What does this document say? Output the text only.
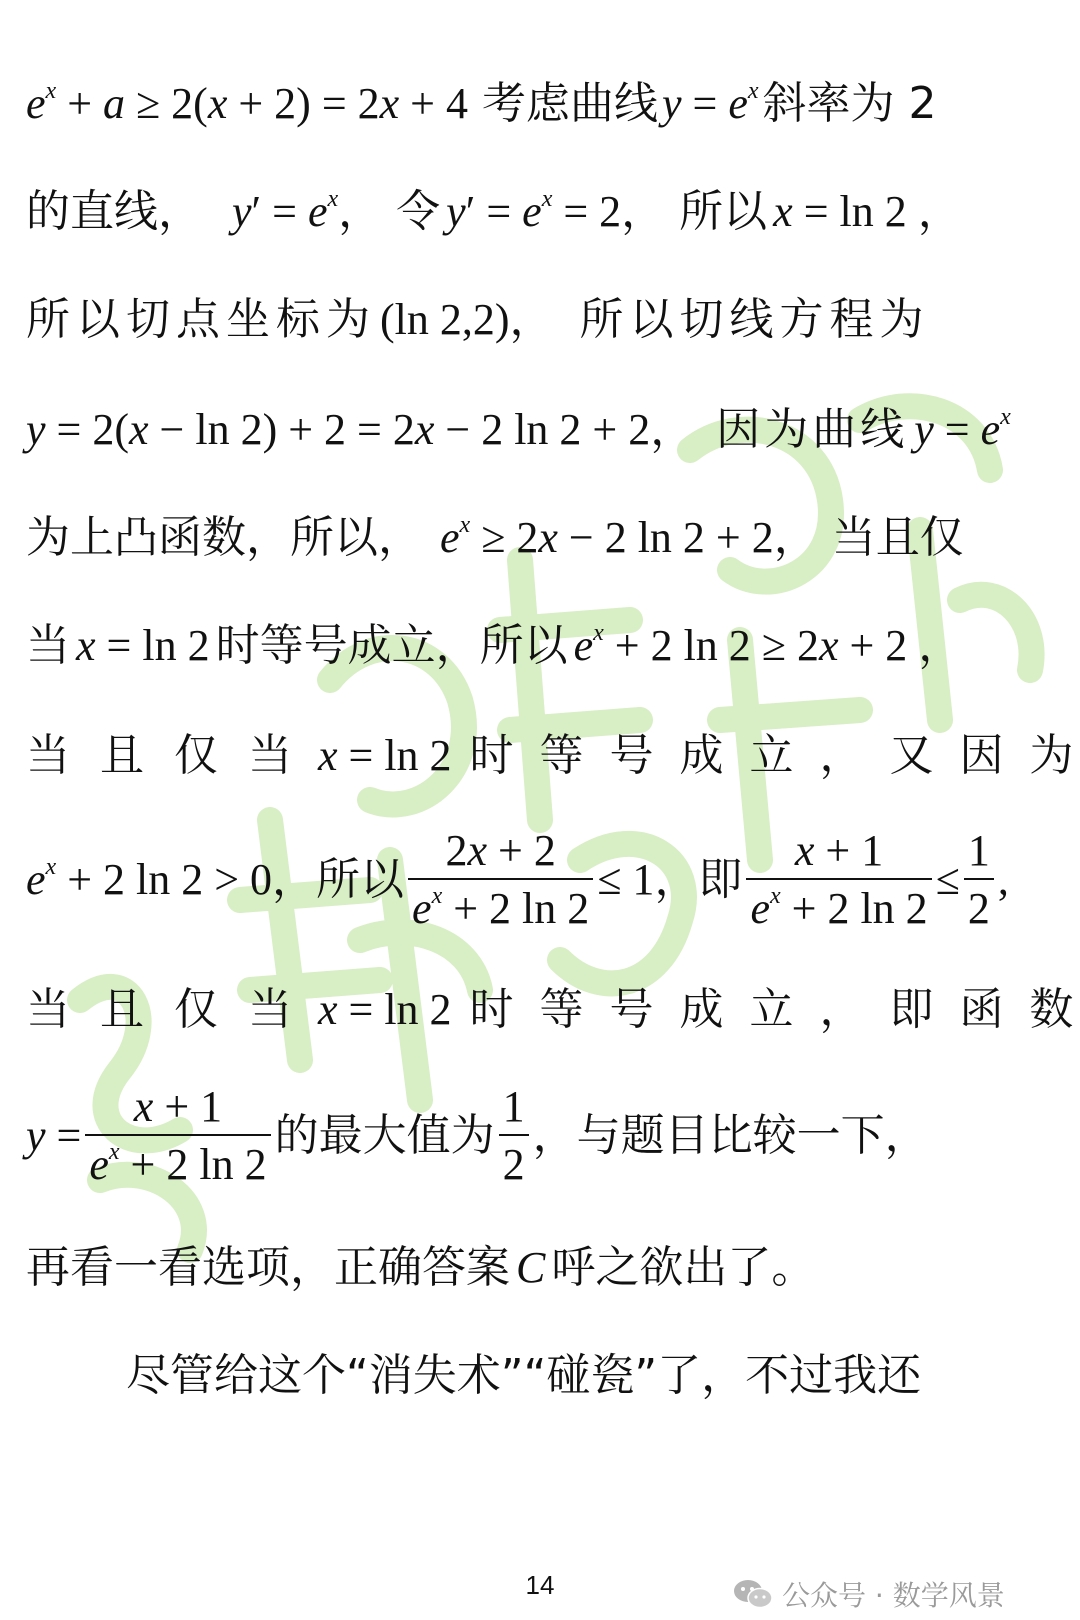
$e^x + a \ge 2(x + 2) = 2x + 4$ 考虑曲线 $y = e^x$ 斜率为 2
的直线， $y' = e^x$ ， 令 $y' = e^x = 2$ ， 所以 x = ln 2 ，
所以切点坐标为 (ln 2,2) ， 所以切线方程为
y = 2(x − ln 2) + 2 = 2x − 2 ln 2 + 2 ， 因为曲线 $y = e^x$
为上凸函数，所以， $e^x \ge 2x - 2$ ln 2 + 2 ， 当且仅
当 x = ln 2 时等号成立，所以 $e^x + 2$ ln 2 ≥ 2x + 2 ，
当 且 仅 当 x = ln 2 时 等 号 成 立 ， 又 因 为
$e^x + 2$ ln 2 > 0 ，所以 $\frac{2x + 2}{e^x + 2 \ln 2} \le 1$ ，即 $\frac{x + 1}{e^x + 2 \ln 2} \le \frac{1}{2}$ ,
当 且 仅 当 x = ln 2 时 等 号 成 立 ， 即 函 数
$y = \frac{x + 1}{e^x + 2 \ln 2}$ 的最大值为 $\frac{1}{2}$ ，与题目比较一下，
再看一看选项，正确答案 C 呼之欲出了。
尽管给这个“消失术”“碰瓷”了，不过我还
14	公众号 · 数学风景
